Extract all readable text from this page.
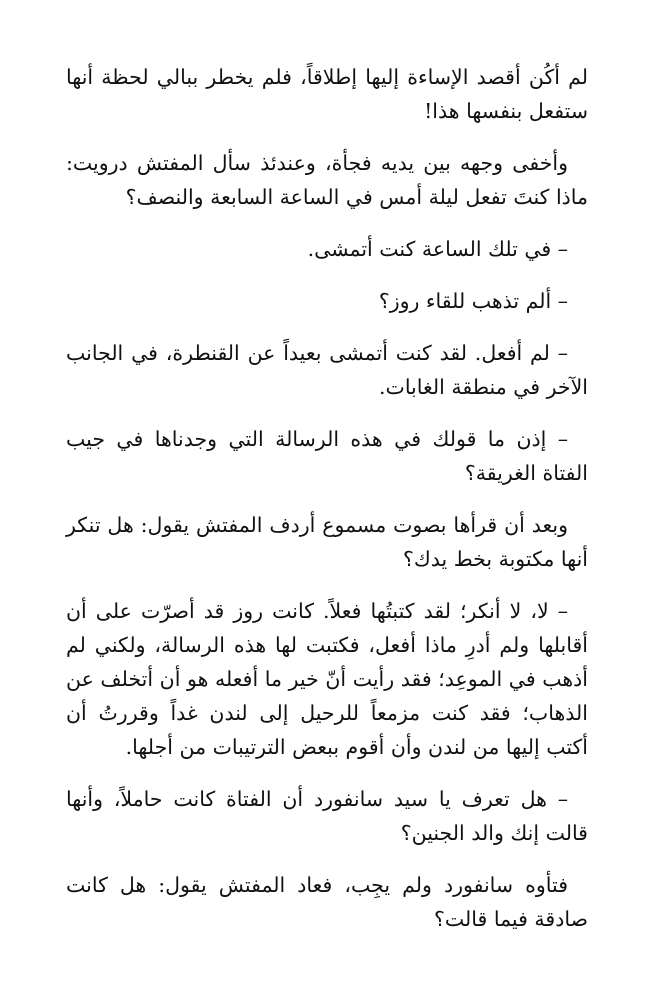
لم أكُن أقصد الإساءة إليها إطلاقاً، فلم يخطر ببالي لحظة أنها ستفعل بنفسها هذا!

وأخفى وجهه بين يديه فجأة، وعندئذ سأل المفتش درويت: ماذا كنتَ تفعل ليلة أمس في الساعة السابعة والنصف؟

– في تلك الساعة كنت أتمشى.

– ألم تذهب للقاء روز؟

– لم أفعل. لقد كنت أتمشى بعيداً عن القنطرة، في الجانب الآخر في منطقة الغابات.

– إذن ما قولك في هذه الرسالة التي وجدناها في جيب الفتاة الغريقة؟

وبعد أن قرأها بصوت مسموع أردف المفتش يقول: هل تنكر أنها مكتوبة بخط يدك؟

– لا، لا أنكر؛ لقد كتبتُها فعلاً. كانت روز قد أصرّت على أن أقابلها ولم أدرِ ماذا أفعل، فكتبت لها هذه الرسالة، ولكني لم أذهب في الموعِد؛ فقد رأيت أنّ خير ما أفعله هو أن أتخلف عن الذهاب؛ فقد كنت مزمعاً للرحيل إلى لندن غداً وقررتُ أن أكتب إليها من لندن وأن أقوم ببعض الترتيبات من أجلها.

– هل تعرف يا سيد سانفورد أن الفتاة كانت حاملاً، وأنها قالت إنك والد الجنين؟

فتأوه سانفورد ولم يجِب، فعاد المفتش يقول: هل كانت صادقة فيما قالت؟
